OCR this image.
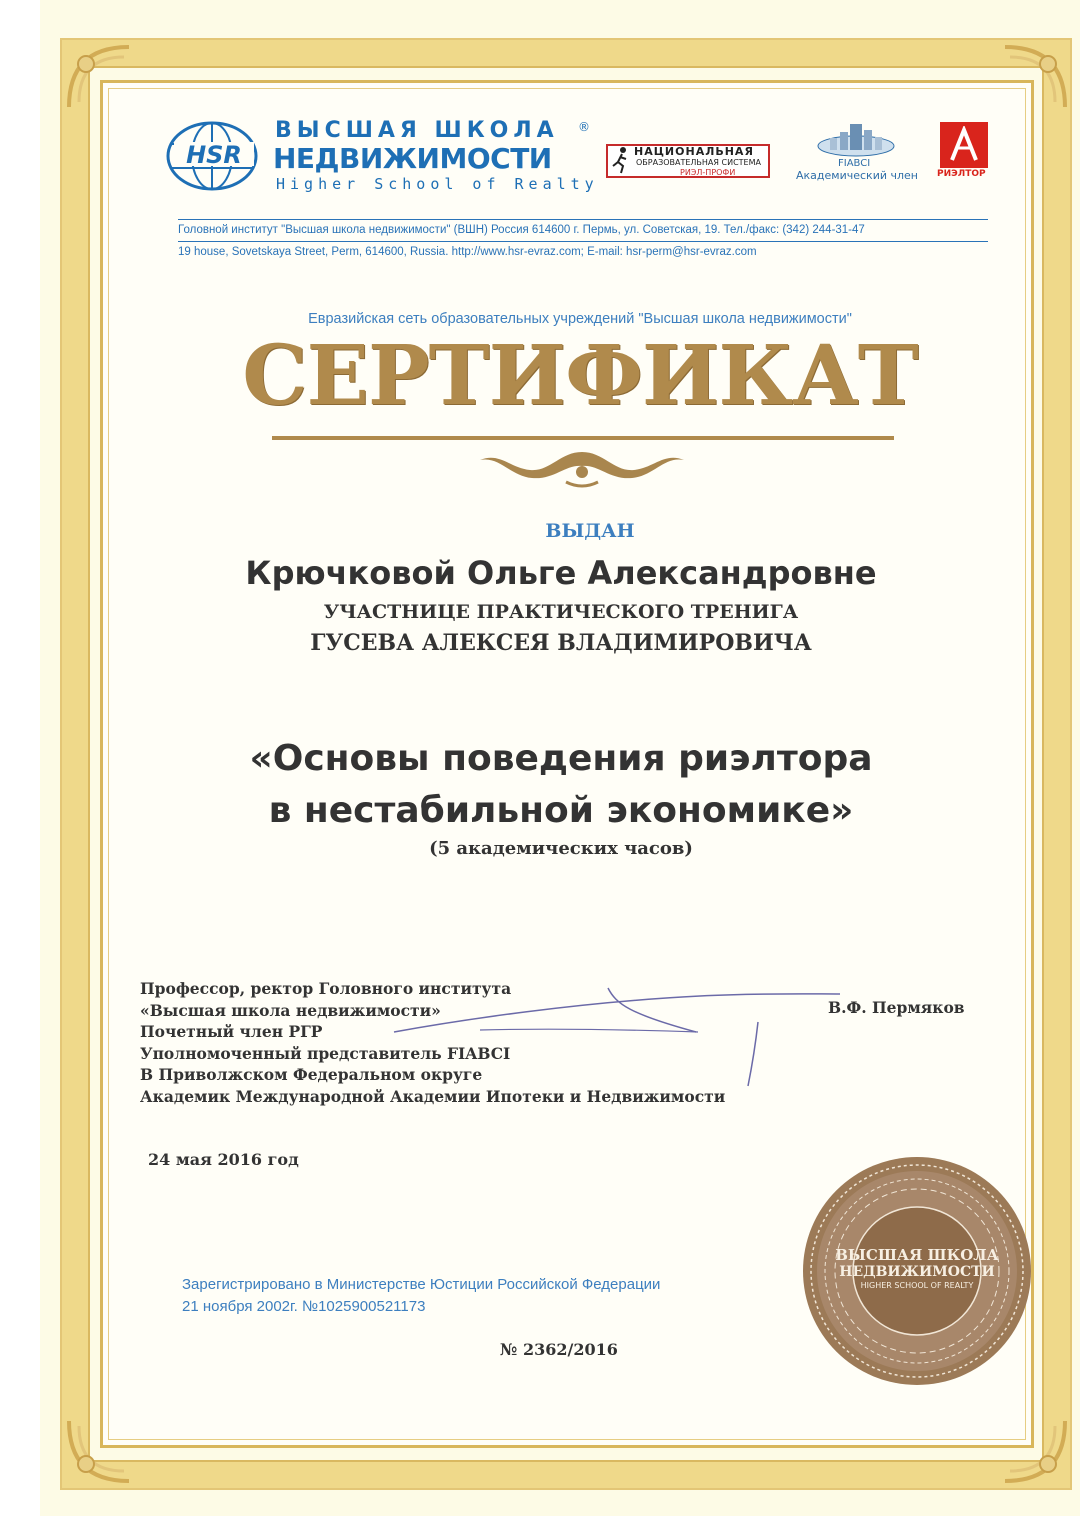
HSR
ВЫСШАЯ ШКОЛА
НЕДВИЖИМОСТИ
Higher School of Realty
®
НАЦИОНАЛЬНАЯ
ОБРАЗОВАТЕЛЬНАЯ СИСТЕМА
РИЭЛ-ПРОФИ
FIABCI
Академический член РИЭЛТОР
Головной институт "Высшая школа недвижимости" (ВШН) Россия 614600 г. Пермь, ул. Советская, 19. Тел./факс: (342) 244-31-47
19 house, Sovetskaya Street, Perm, 614600, Russia. http://www.hsr-evraz.com; E-mail: hsr-perm@hsr-evraz.com
Евразийская сеть образовательных учреждений "Высшая школа недвижимости"
СЕРТИФИКАТ
ВЫДАН
Крючковой Ольге Александровне
УЧАСТНИЦЕ ПРАКТИЧЕСКОГО ТРЕНИГА
ГУСЕВА АЛЕКСЕЯ ВЛАДИМИРОВИЧА
«Основы поведения риэлтора
в нестабильной экономике»
(5 академических часов)
Профессор, ректор Головного института
«Высшая школа недвижимости»
Почетный член РГР
Уполномоченный представитель FIABCI
В Приволжском Федеральном округе
Академик Международной Академии Ипотеки и Недвижимости
В.Ф. Пермяков
24 мая 2016 год
Зарегистрировано в Министерстве Юстиции Российской Федерации
21 ноября 2002г. №1025900521173
№ 2362/2016
ВЫСШАЯ ШКОЛА
НЕДВИЖИМОСТИ
HIGHER SCHOOL OF REALTY
